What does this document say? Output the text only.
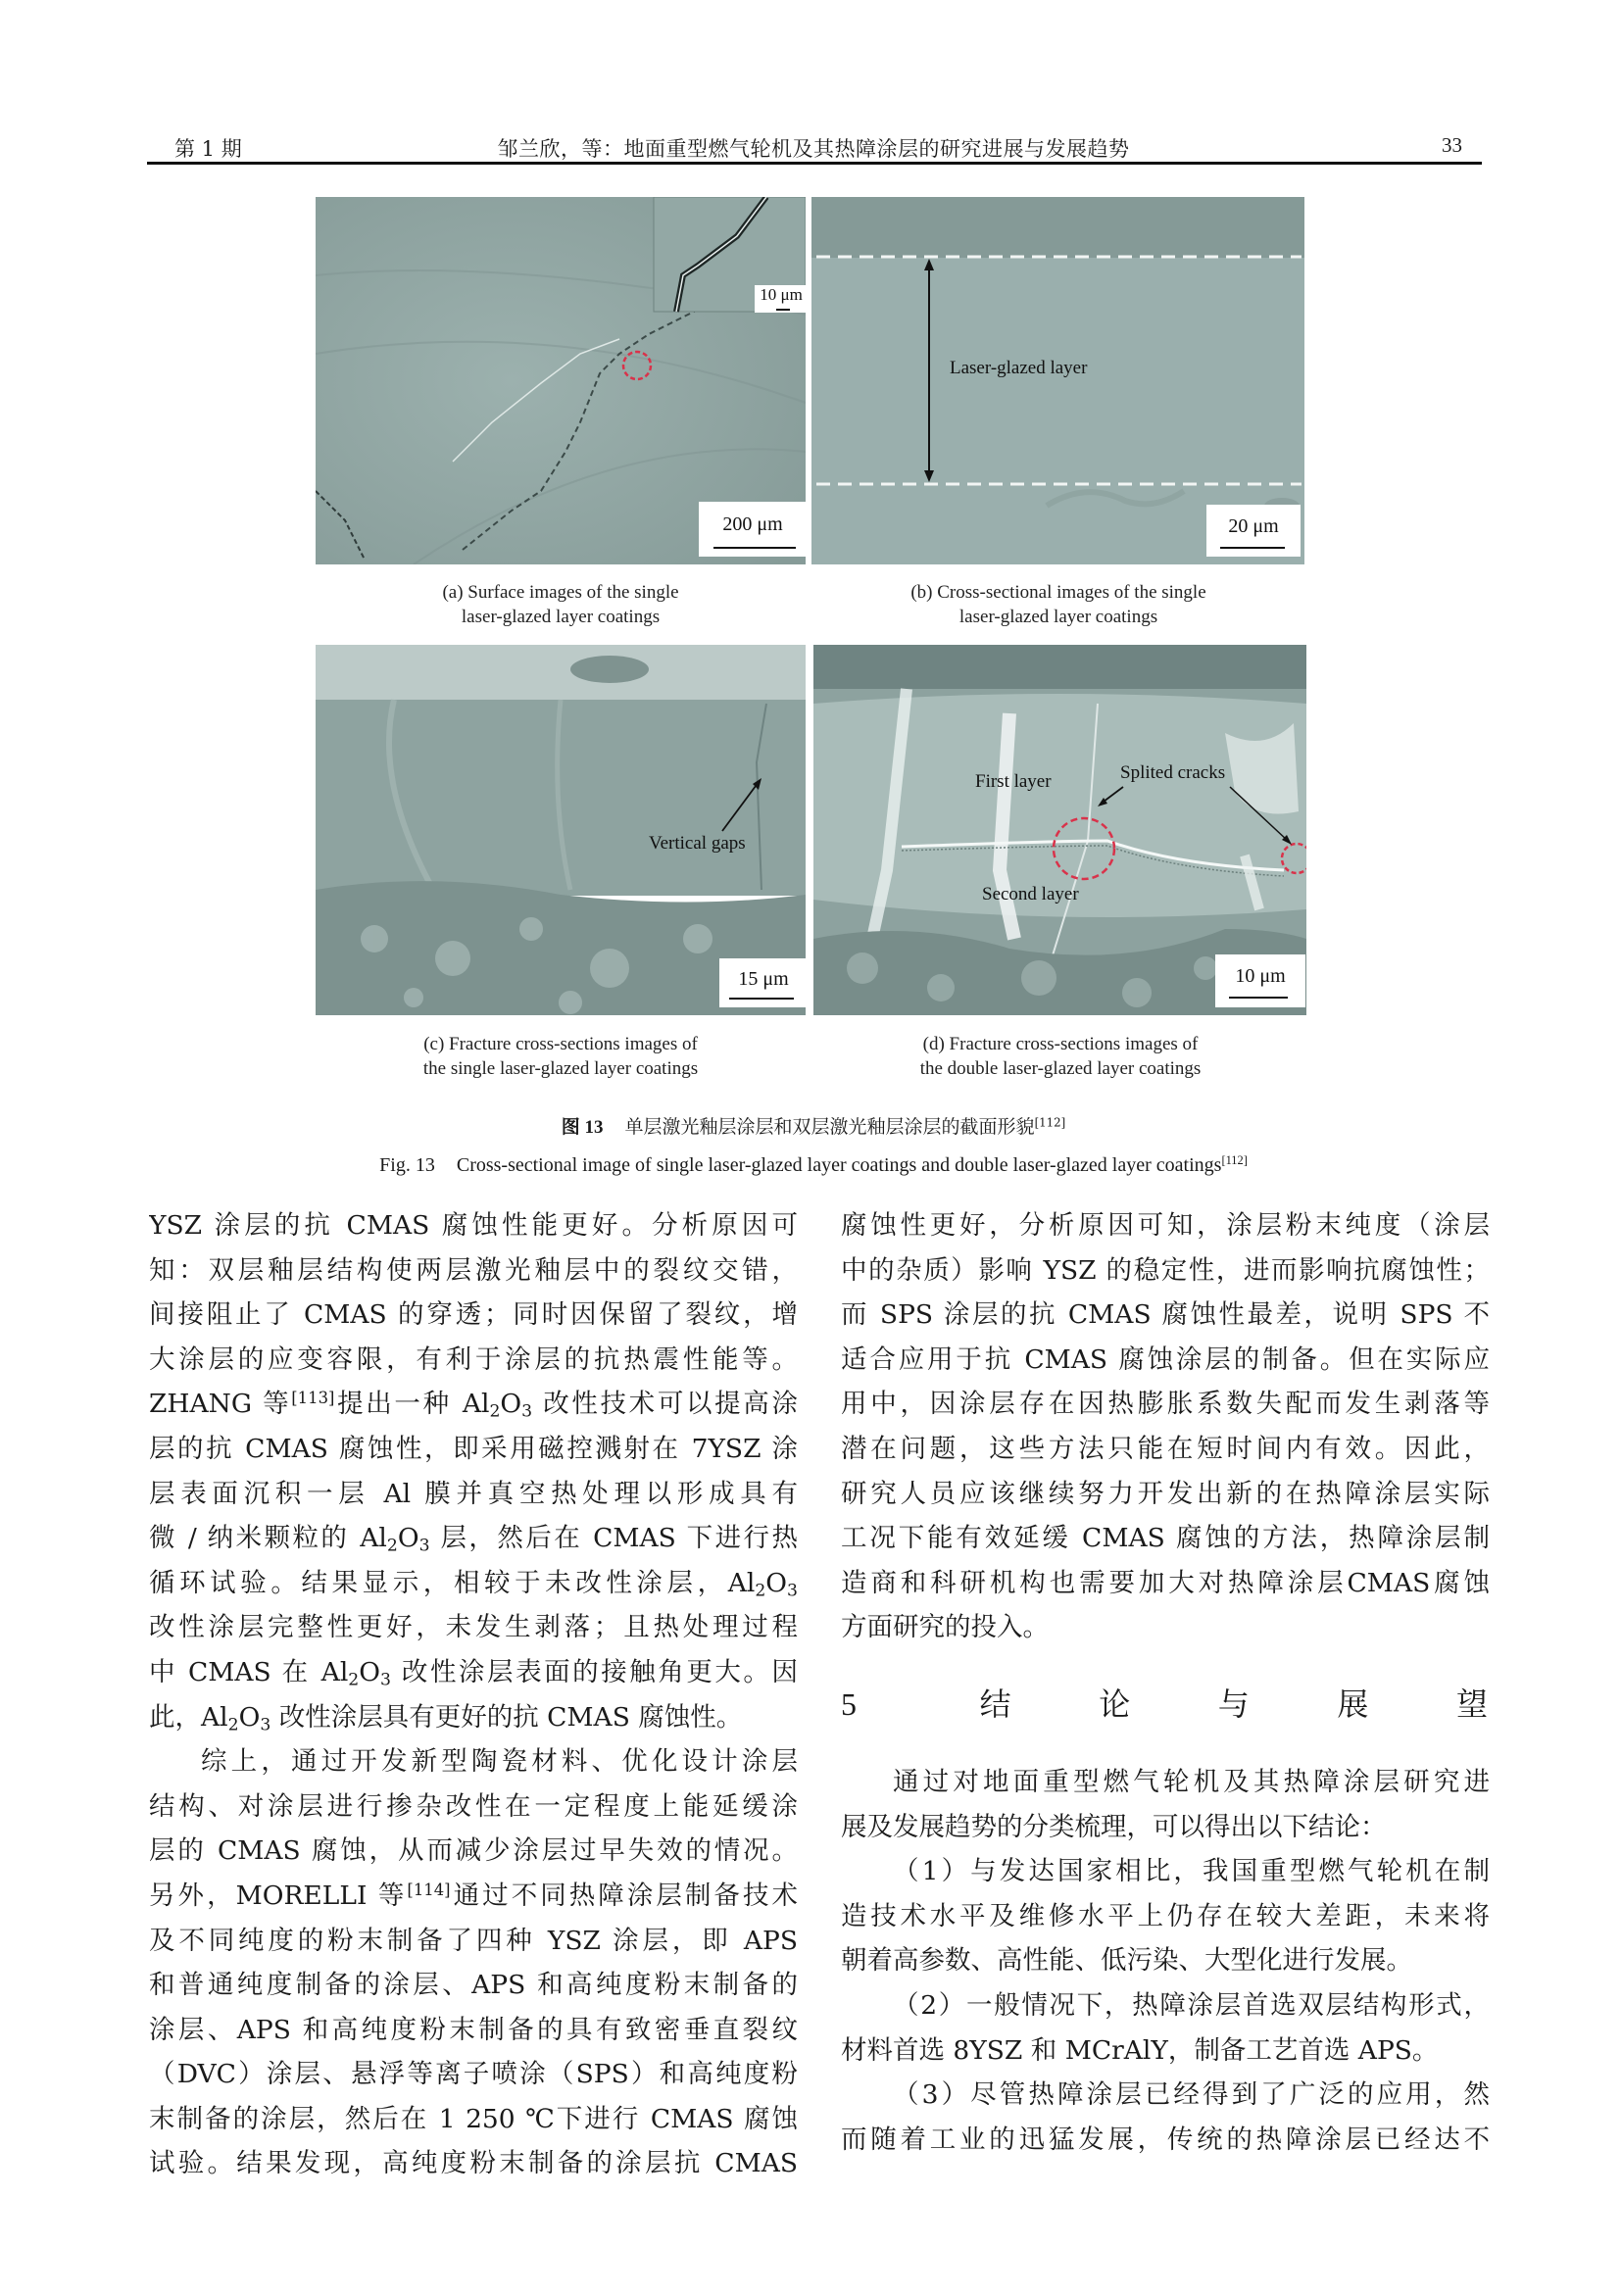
第 1 期	邹兰欣，等：地面重型燃气轮机及其热障涂层的研究进展与发展趋势	33
10 μm
200 μm
(a) Surface images of the single
laser-glazed layer coatings
Laser-glazed layer
20 μm
(b) Cross-sectional images of the single
laser-glazed layer coatings
Vertical gaps
15 μm
(c) Fracture cross-sections images of
the single laser-glazed layer coatings
First layer
Second layer
Splited cracks
10 μm
(d) Fracture cross-sections images of
the double laser-glazed layer coatings
图 13 单层激光釉层涂层和双层激光釉层涂层的截面形貌[112]
Fig. 13 Cross-sectional image of single laser-glazed layer coatings and double laser-glazed layer coatings[112]
YSZ 涂层的抗 CMAS 腐蚀性能更好。分析原因可
知：双层釉层结构使两层激光釉层中的裂纹交错，
间接阻止了 CMAS 的穿透；同时因保留了裂纹，增
大涂层的应变容限，有利于涂层的抗热震性能等。
ZHANG 等[113]提出一种 $Al_2O_3$ 改性技术可以提高涂
层的抗 CMAS 腐蚀性，即采用磁控溅射在 7YSZ 涂
层表面沉积一层 Al 膜并真空热处理以形成具有
微 / 纳米颗粒的 $Al_2O_3$ 层，然后在 CMAS 下进行热
循环试验。结果显示，相较于未改性涂层，$Al_2O_3$
改性涂层完整性更好，未发生剥落；且热处理过程
中 CMAS 在 $Al_2O_3$ 改性涂层表面的接触角更大。因
此，$Al_2O_3$ 改性涂层具有更好的抗 CMAS 腐蚀性。
综上，通过开发新型陶瓷材料、优化设计涂层
结构、对涂层进行掺杂改性在一定程度上能延缓涂
层的 CMAS 腐蚀，从而减少涂层过早失效的情况。
另外，MORELLI 等[114]通过不同热障涂层制备技术
及不同纯度的粉末制备了四种 YSZ 涂层，即 APS
和普通纯度制备的涂层、APS 和高纯度粉末制备的
涂层、APS 和高纯度粉末制备的具有致密垂直裂纹
（DVC）涂层、悬浮等离子喷涂（SPS）和高纯度粉
末制备的涂层，然后在 1 250 ℃下进行 CMAS 腐蚀
试验。结果发现，高纯度粉末制备的涂层抗 CMAS
腐蚀性更好，分析原因可知，涂层粉末纯度（涂层
中的杂质）影响 YSZ 的稳定性，进而影响抗腐蚀性；
而 SPS 涂层的抗 CMAS 腐蚀性最差，说明 SPS 不
适合应用于抗 CMAS 腐蚀涂层的制备。但在实际应
用中，因涂层存在因热膨胀系数失配而发生剥落等
潜在问题，这些方法只能在短时间内有效。因此，
研究人员应该继续努力开发出新的在热障涂层实际
工况下能有效延缓 CMAS 腐蚀的方法，热障涂层制
造商和科研机构也需要加大对热障涂层CMAS腐蚀
方面研究的投入。
5 结论与展望
通过对地面重型燃气轮机及其热障涂层研究进
展及发展趋势的分类梳理，可以得出以下结论：
（1）与发达国家相比，我国重型燃气轮机在制
造技术水平及维修水平上仍存在较大差距，未来将
朝着高参数、高性能、低污染、大型化进行发展。
（2）一般情况下，热障涂层首选双层结构形式，
材料首选 8YSZ 和 MCrAlY，制备工艺首选 APS。
（3）尽管热障涂层已经得到了广泛的应用，然
而随着工业的迅猛发展，传统的热障涂层已经达不
